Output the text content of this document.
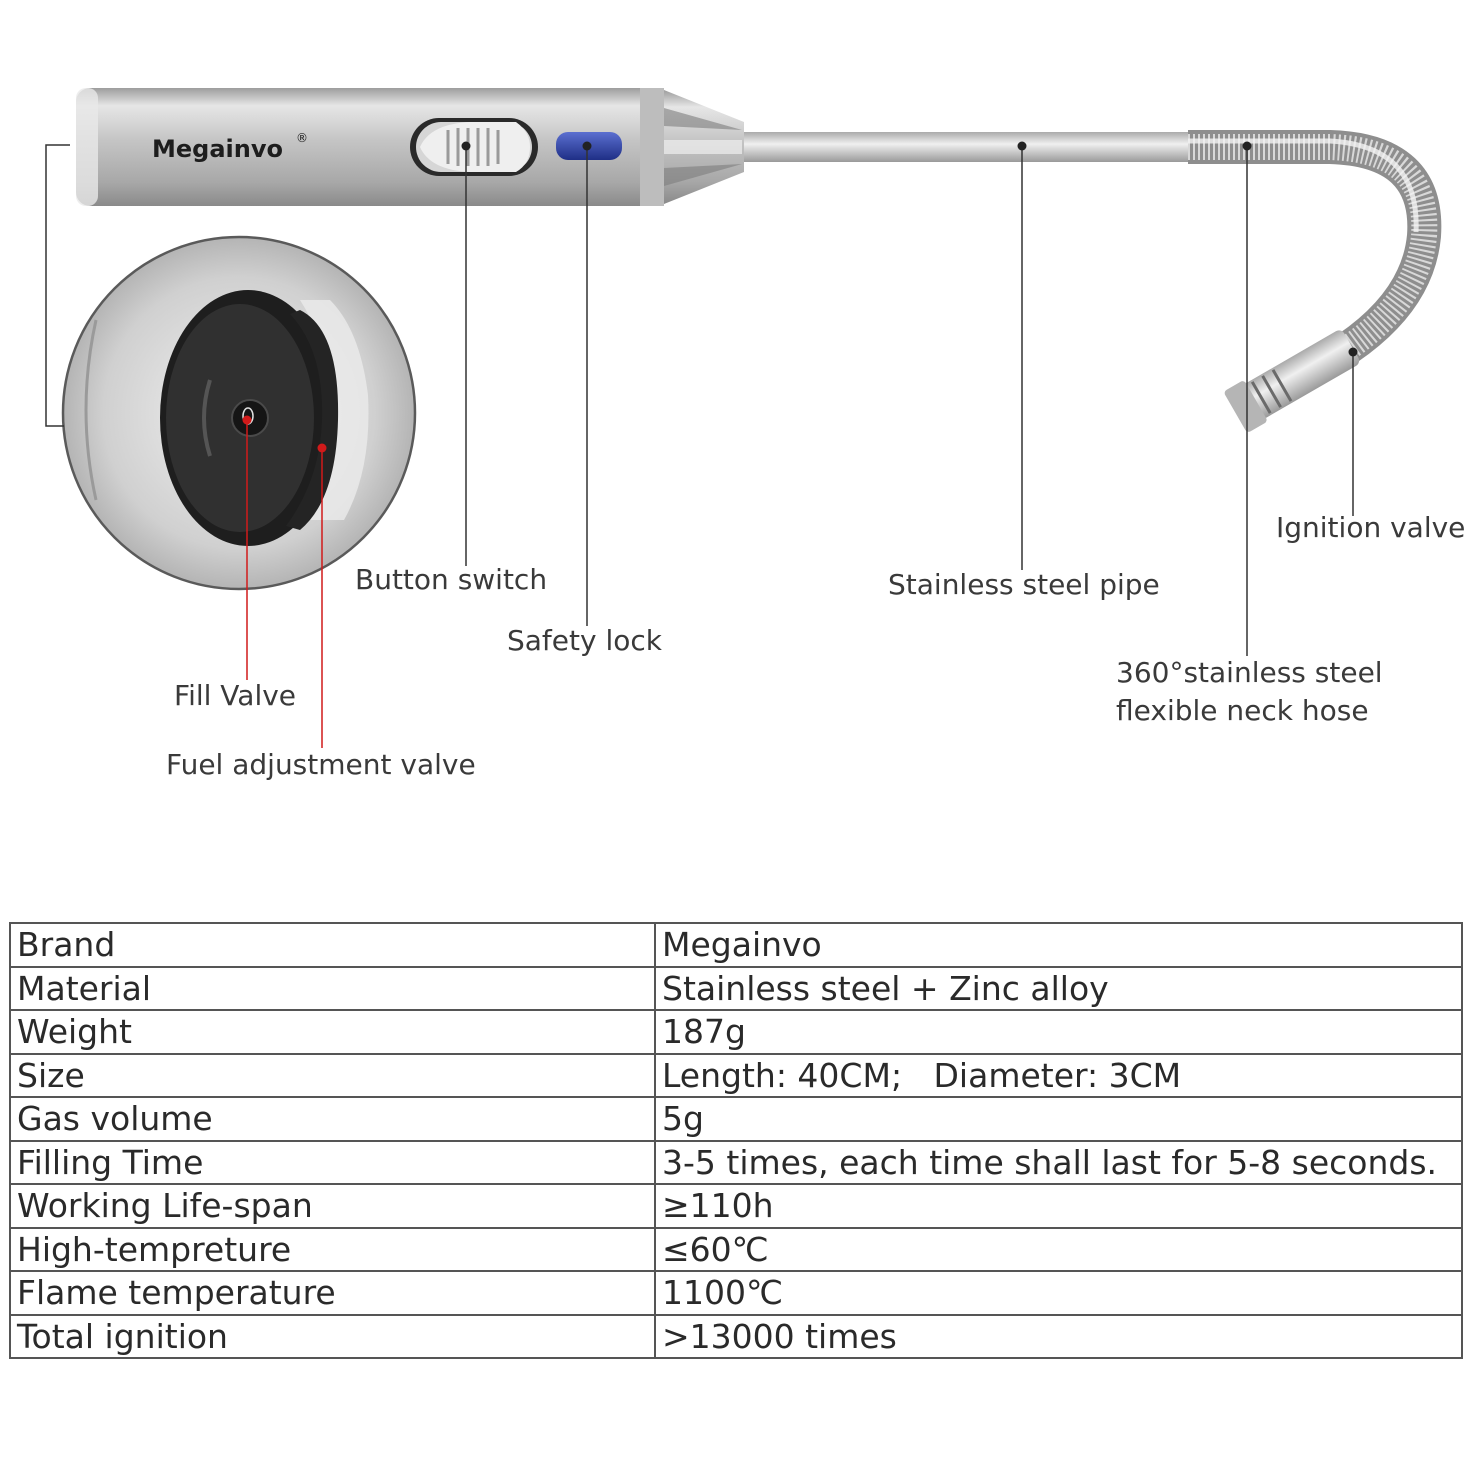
Megainvo ®
Button switch
Safety lock
Stainless steel pipe
Ignition valve
360°stainless steel
flexible neck hose
Fill Valve
Fuel adjustment valve
Brand	Megainvo
Material	Stainless steel + Zinc alloy
Weight	187g
Size	Length: 40CM;   Diameter: 3CM
Gas volume	5g
Filling Time	3-5 times, each time shall last for 5-8 seconds.
Working Life-span	≥110h
High-tempreture	≤60℃
Flame temperature	1100℃
Total ignition	>13000 times
